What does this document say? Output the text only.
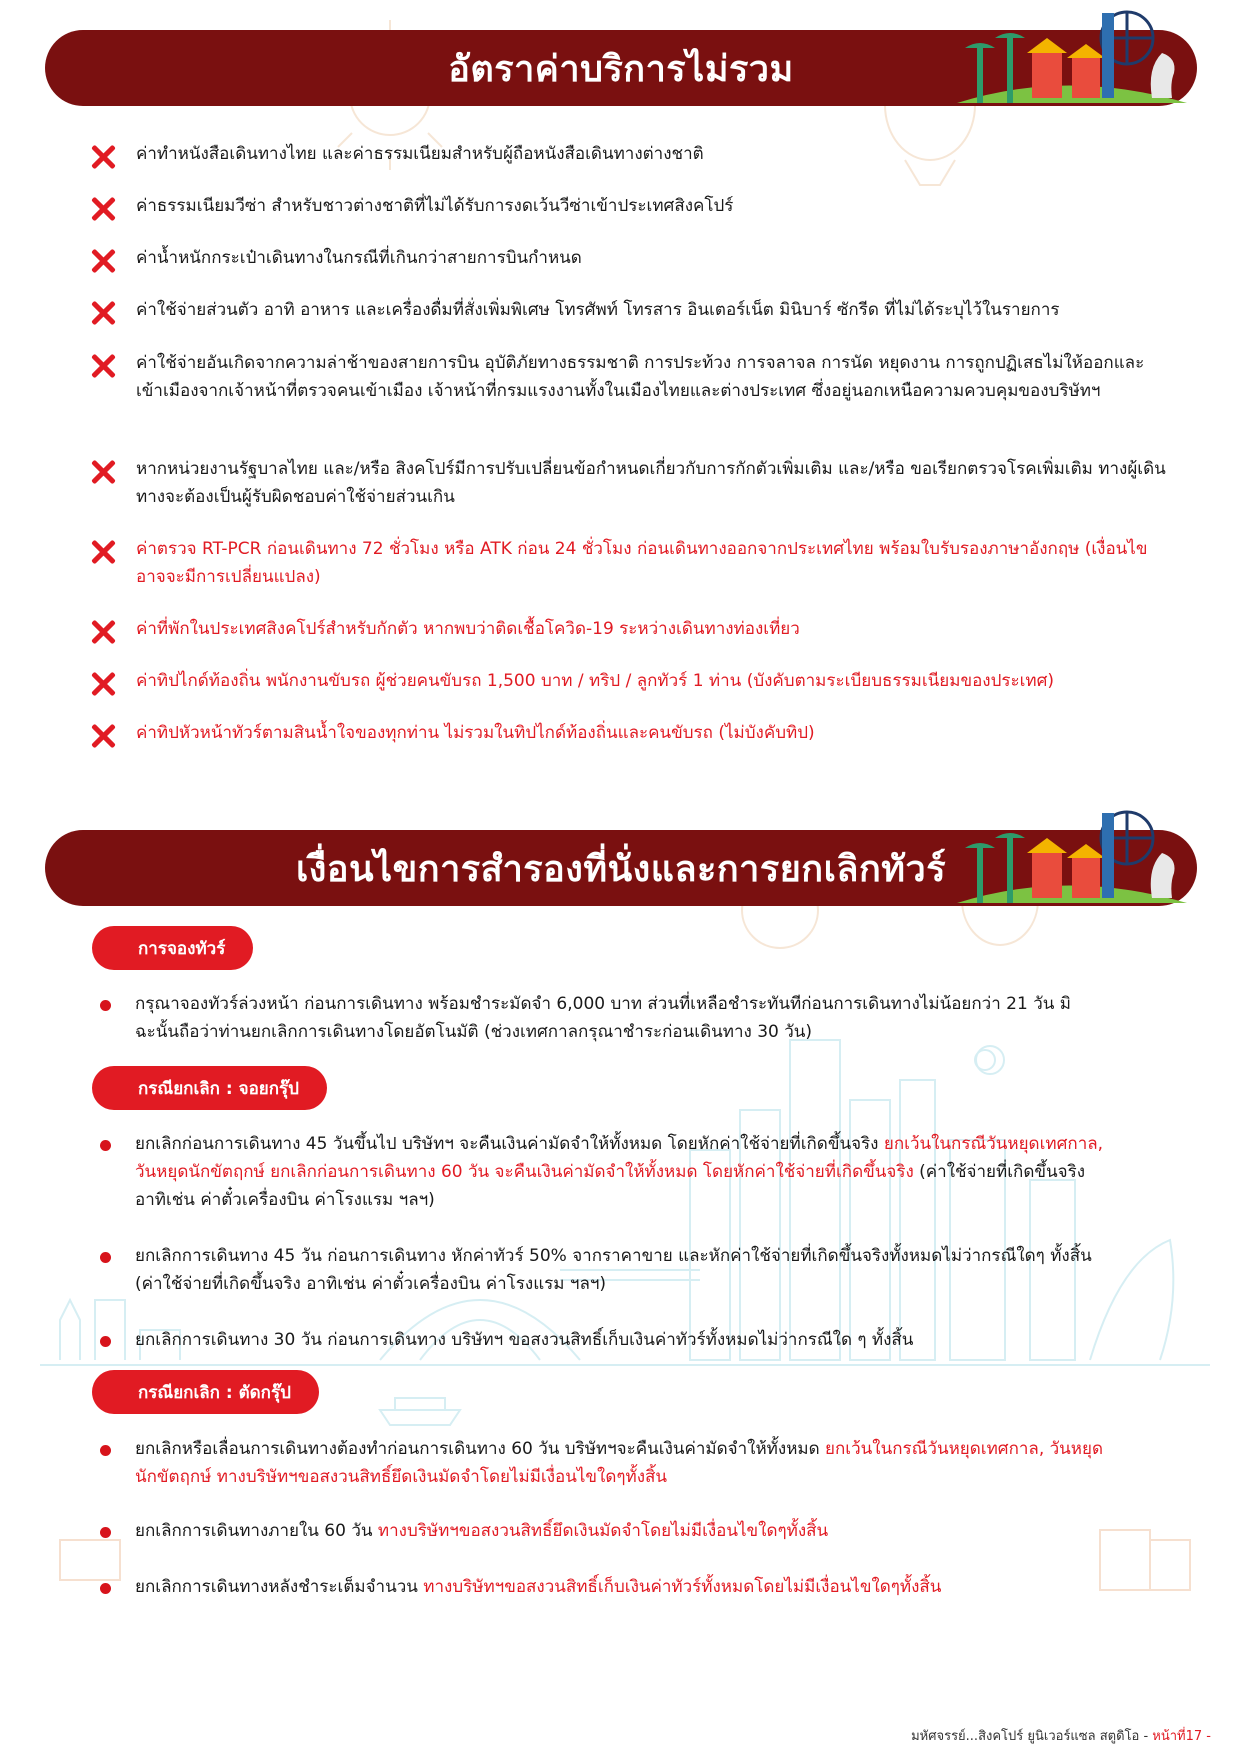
อัตราค่าบริการไม่รวม
ค่าทำหนังสือเดินทางไทย และค่าธรรมเนียมสำหรับผู้ถือหนังสือเดินทางต่างชาติ
ค่าธรรมเนียมวีซ่า สำหรับชาวต่างชาติที่ไม่ได้รับการงดเว้นวีซ่าเข้าประเทศสิงคโปร์
ค่าน้ำหนักกระเป๋าเดินทางในกรณีที่เกินกว่าสายการบินกำหนด
ค่าใช้จ่ายส่วนตัว อาทิ อาหาร และเครื่องดื่มที่สั่งเพิ่มพิเศษ โทรศัพท์ โทรสาร อินเตอร์เน็ต มินิบาร์ ซักรีด ที่ไม่ได้ระบุไว้ในรายการ
ค่าใช้จ่ายอันเกิดจากความล่าช้าของสายการบิน อุบัติภัยทางธรรมชาติ การประท้วง การจลาจล การนัด หยุดงาน การถูกปฏิเสธไม่ให้ออกและเข้าเมืองจากเจ้าหน้าที่ตรวจคนเข้าเมือง เจ้าหน้าที่กรมแรงงานทั้งในเมืองไทยและต่างประเทศ ซึ่งอยู่นอกเหนือความควบคุมของบริษัทฯ
หากหน่วยงานรัฐบาลไทย และ/หรือ สิงคโปร์มีการปรับเปลี่ยนข้อกำหนดเกี่ยวกับการกักตัวเพิ่มเติม และ/หรือ ขอเรียกตรวจโรคเพิ่มเติม ทางผู้เดินทางจะต้องเป็นผู้รับผิดชอบค่าใช้จ่ายส่วนเกิน
ค่าตรวจ RT-PCR ก่อนเดินทาง 72 ชั่วโมง หรือ ATK ก่อน 24 ชั่วโมง ก่อนเดินทางออกจากประเทศไทย พร้อมใบรับรองภาษาอังกฤษ (เงื่อนไขอาจจะมีการเปลี่ยนแปลง)
ค่าที่พักในประเทศสิงคโปร์สำหรับกักตัว หากพบว่าติดเชื้อโควิด-19 ระหว่างเดินทางท่องเที่ยว
ค่าทิปไกด์ท้องถิ่น พนักงานขับรถ ผู้ช่วยคนขับรถ 1,500 บาท / ทริป / ลูกทัวร์ 1 ท่าน (บังคับตามระเบียบธรรมเนียมของประเทศ)
ค่าทิปหัวหน้าทัวร์ตามสินน้ำใจของทุกท่าน ไม่รวมในทิปไกด์ท้องถิ่นและคนขับรถ (ไม่บังคับทิป)
เงื่อนไขการสำรองที่นั่งและการยกเลิกทัวร์
การจองทัวร์
กรุณาจองทัวร์ล่วงหน้า ก่อนการเดินทาง พร้อมชำระมัดจำ 6,000 บาท ส่วนที่เหลือชำระทันทีก่อนการเดินทางไม่น้อยกว่า 21 วัน มิฉะนั้นถือว่าท่านยกเลิกการเดินทางโดยอัตโนมัติ (ช่วงเทศกาลกรุณาชำระก่อนเดินทาง 30 วัน)
กรณียกเลิก : จอยกรุ๊ป
ยกเลิกก่อนการเดินทาง 45 วันขึ้นไป บริษัทฯ จะคืนเงินค่ามัดจำให้ทั้งหมด โดยหักค่าใช้จ่ายที่เกิดขึ้นจริง ยกเว้นในกรณีวันหยุดเทศกาล, วันหยุดนักขัตฤกษ์ ยกเลิกก่อนการเดินทาง 60 วัน จะคืนเงินค่ามัดจำให้ทั้งหมด โดยหักค่าใช้จ่ายที่เกิดขึ้นจริง (ค่าใช้จ่ายที่เกิดขึ้นจริง อาทิเช่น ค่าตั๋วเครื่องบิน ค่าโรงแรม ฯลฯ)
ยกเลิกการเดินทาง 45 วัน ก่อนการเดินทาง หักค่าทัวร์ 50% จากราคาขาย และหักค่าใช้จ่ายที่เกิดขึ้นจริงทั้งหมดไม่ว่ากรณีใดๆ ทั้งสิ้น (ค่าใช้จ่ายที่เกิดขึ้นจริง อาทิเช่น ค่าตั๋วเครื่องบิน ค่าโรงแรม ฯลฯ)
ยกเลิกการเดินทาง 30 วัน ก่อนการเดินทาง บริษัทฯ ขอสงวนสิทธิ์เก็บเงินค่าทัวร์ทั้งหมดไม่ว่ากรณีใด ๆ ทั้งสิ้น
กรณียกเลิก : ตัดกรุ๊ป
ยกเลิกหรือเลื่อนการเดินทางต้องทำก่อนการเดินทาง 60 วัน บริษัทฯจะคืนเงินค่ามัดจำให้ทั้งหมด ยกเว้นในกรณีวันหยุดเทศกาล, วันหยุดนักขัตฤกษ์ ทางบริษัทฯขอสงวนสิทธิ์ยึดเงินมัดจำโดยไม่มีเงื่อนไขใดๆทั้งสิ้น
ยกเลิกการเดินทางภายใน 60 วัน ทางบริษัทฯขอสงวนสิทธิ์ยึดเงินมัดจำโดยไม่มีเงื่อนไขใดๆทั้งสิ้น
ยกเลิกการเดินทางหลังชำระเต็มจำนวน ทางบริษัทฯขอสงวนสิทธิ์เก็บเงินค่าทัวร์ทั้งหมดโดยไม่มีเงื่อนไขใดๆทั้งสิ้น
มหัศจรรย์...สิงคโปร์ ยูนิเวอร์แซล สตูดิโอ - หน้าที่17 -
